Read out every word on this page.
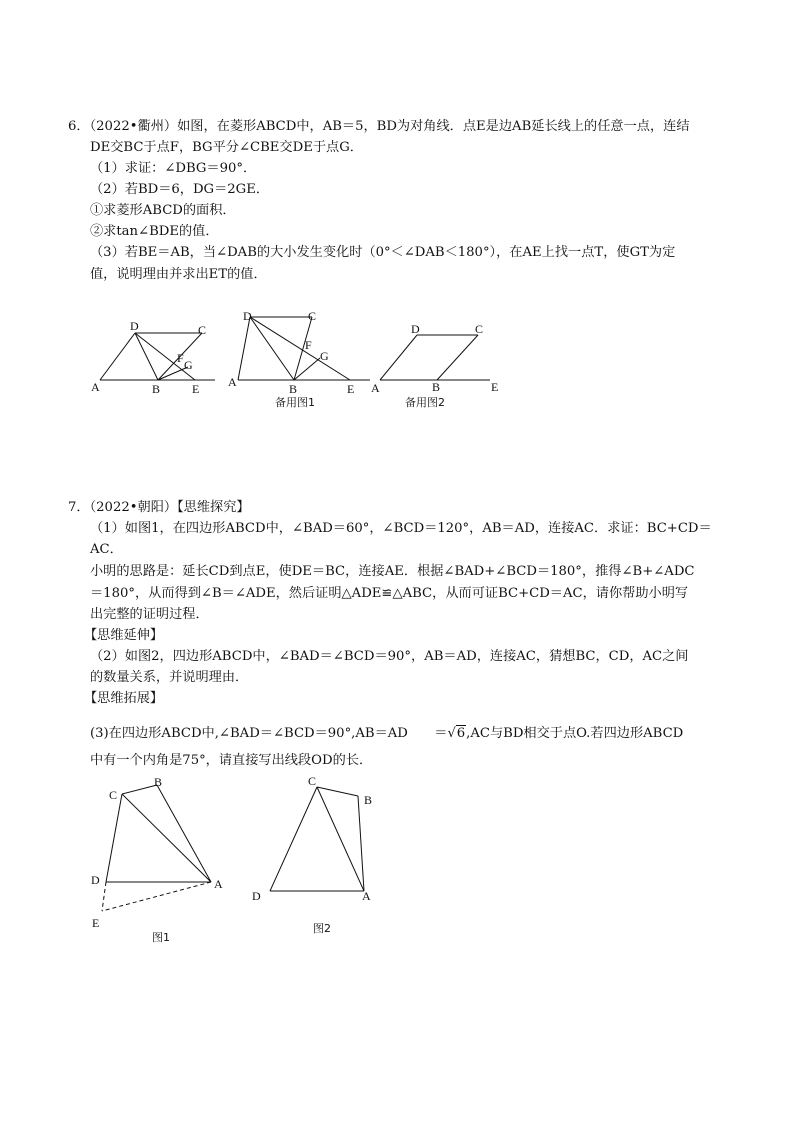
6．（2022•衢州）如图，在菱形ABCD中，AB＝5，BD为对角线．点E是边AB延长线上的任意一点，连结
DE交BC于点F，BG平分∠CBE交DE于点G．
（1）求证：∠DBG＝90°．
（2）若BD＝6，DG＝2GE．
①求菱形ABCD的面积．
②求tan∠BDE的值．
（3）若BE＝AB，当∠DAB的大小发生变化时（0°＜∠DAB＜180°），在AE上找一点T，使GT为定
值，说明理由并求出ET的值．
D	C
F G
A	B	E
D	C
F
G
A	B	E
备用图1
D	C
A	B	E
备用图2
7．（2022•朝阳）【思维探究】
（1）如图1，在四边形ABCD中，∠BAD＝60°，∠BCD＝120°，AB＝AD，连接AC．求证：BC+CD＝
AC．
小明的思路是：延长CD到点E，使DE＝BC，连接AE．根据∠BAD+∠BCD＝180°，推得∠B+∠ADC
＝180°，从而得到∠B＝∠ADE，然后证明△ADE≌△ABC，从而可证BC+CD＝AC，请你帮助小明写
出完整的证明过程．
【思维延伸】
（2）如图2，四边形ABCD中，∠BAD＝∠BCD＝90°，AB＝AD，连接AC，猜想BC，CD，AC之间
的数量关系，并说明理由．
【思维拓展】
(3)在四边形ABCD中,∠BAD＝∠BCD＝90°,AB＝AD ＝√6,AC与BD相交于点O.若四边形ABCD
中有一个内角是75°，请直接写出线段OD的长．
C
B
D	A
E
图1
C
B
D	A
图2
